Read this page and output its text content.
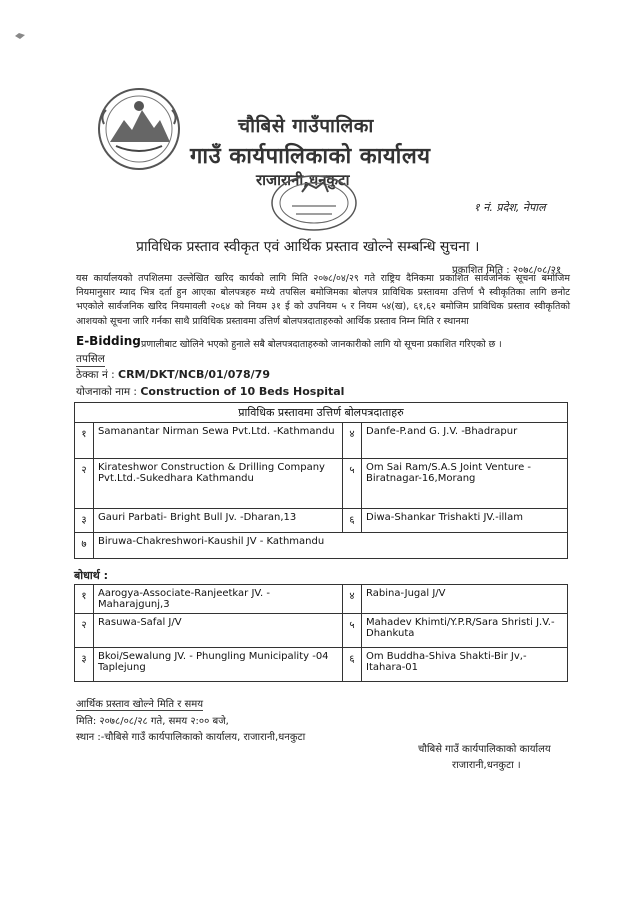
चौबिसे गाउँपालिका
गाउँ कार्यपालिकाको कार्यालय
राजारानी,धनकुटा
१ नं. प्रदेश, नेपाल
प्राविधिक प्रस्ताव स्वीकृत एवं आर्थिक प्रस्ताव खोल्ने सम्बन्धि सुचना ।
प्रकाशित मिति : २०७८/०८/२१
यस कार्यालयको तपशिलमा उल्लेखित खरिद कार्यको लागि मिति २०७८/०४/२९ गते राष्ट्रिय दैनिकमा प्रकाशित सार्वजनिक सूचना बमोजिम नियमानुसार म्याद भित्र दर्ता हुन आएका बोलपत्रहरु मध्ये तपसिल बमोजिमका बोलपत्र प्राविधिक प्रस्तावमा उत्तिर्ण भै स्वीकृतिका लागि छनोट भएकोले सार्वजनिक खरिद नियमावली २०६४ को नियम ३१ ई को उपनियम ५ र नियम ५४(ख), ६१,६२ बमोजिम प्राविधिक प्रस्ताव स्वीकृतिको आशयको सूचना जारि गर्नका साथै प्राविधिक प्रस्तावमा उत्तिर्ण बोलपत्रदाताहरुको आर्थिक प्रस्ताव निम्न मिति र स्थानमा
E-Bidding प्रणालीबाट खोलिने भएको हुनाले सबै बोलपत्रदाताहरुको जानकारीको लागि यो सूचना प्रकाशित गरिएको छ ।
तपसिल
ठेक्का नं : CRM/DKT/NCB/01/078/79
योजनाको नाम : Construction of 10 Beds Hospital
प्राविधिक प्रस्तावमा उत्तिर्ण बोलपत्रदाताहरु			
१	Samanantar Nirman Sewa Pvt.Ltd. -Kathmandu	४	Danfe-P.and G. J.V. -Bhadrapur
२	Kirateshwor Construction & Drilling Company Pvt.Ltd.-Sukedhara Kathmandu	५	Om Sai Ram/S.A.S Joint Venture -Biratnagar-16,Morang
३	Gauri Parbati- Bright Bull Jv. -Dharan,13	६	Diwa-Shankar Trishakti JV.-illam
७	Biruwa-Chakreshwori-Kaushil JV - Kathmandu		
बोधार्थ :
१	Aarogya-Associate-Ranjeetkar JV. - Maharajgunj,3	४	Rabina-Jugal J/V
२	Rasuwa-Safal J/V	५	Mahadev Khimti/Y.P.R/Sara Shristi J.V.-Dhankuta
३	Bkoi/Sewalung JV. - Phungling Municipality -04 Taplejung	६	Om Buddha-Shiva Shakti-Bir Jv,- Itahara-01
आर्थिक प्रस्ताव खोल्ने मिति र समय
मिति: २०७८/०८/२८ गते, समय २:०० बजे,
स्थान :-चौबिसे गाउँ कार्यपालिकाको कार्यालय, राजारानी,धनकुटा
चौबिसे गाउँ कार्यपालिकाको कार्यालय
राजारानी,धनकुटा ।
